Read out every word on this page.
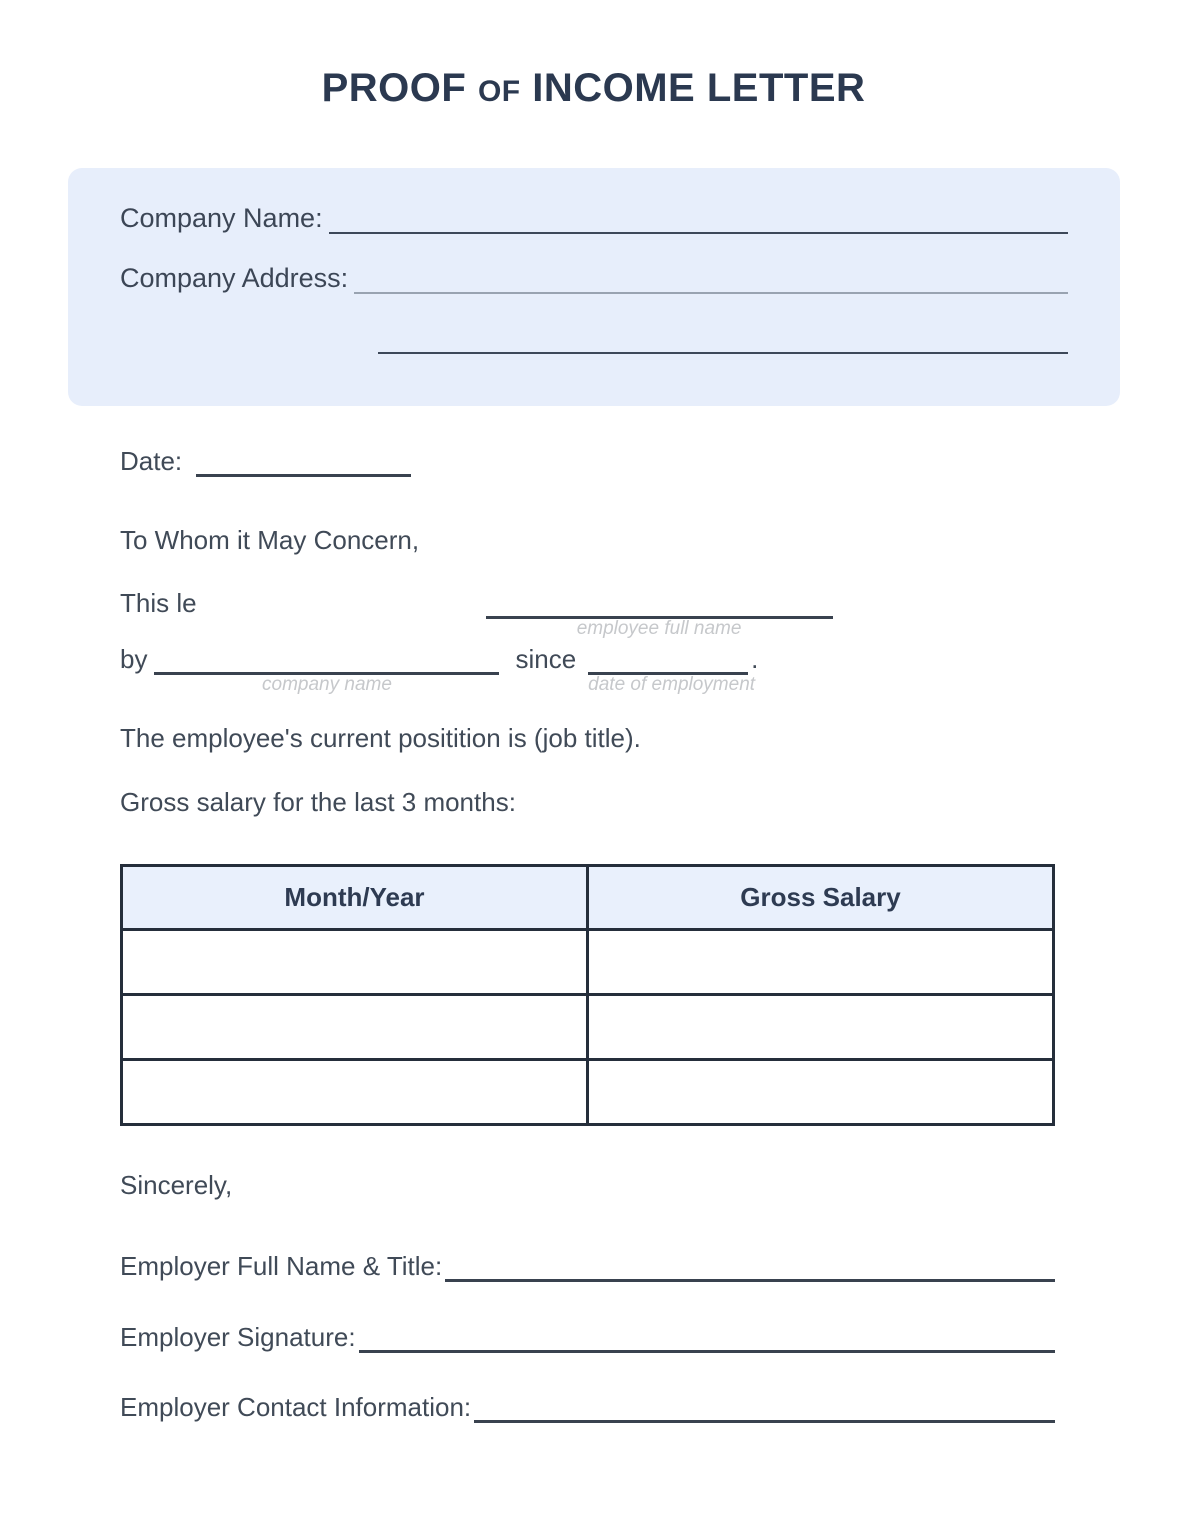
PROOF OF INCOME LETTER
Company Name:
Company Address:
Date:
To Whom it May Concern,
This le
employee full name
by
company name
since
date of employment
.
The employee's current positition is (job title).
Gross salary for the last 3 months:
Month/Year	Gross Salary

Sincerely,
Employer Full Name & Title:
Employer Signature:
Employer Contact Information:
